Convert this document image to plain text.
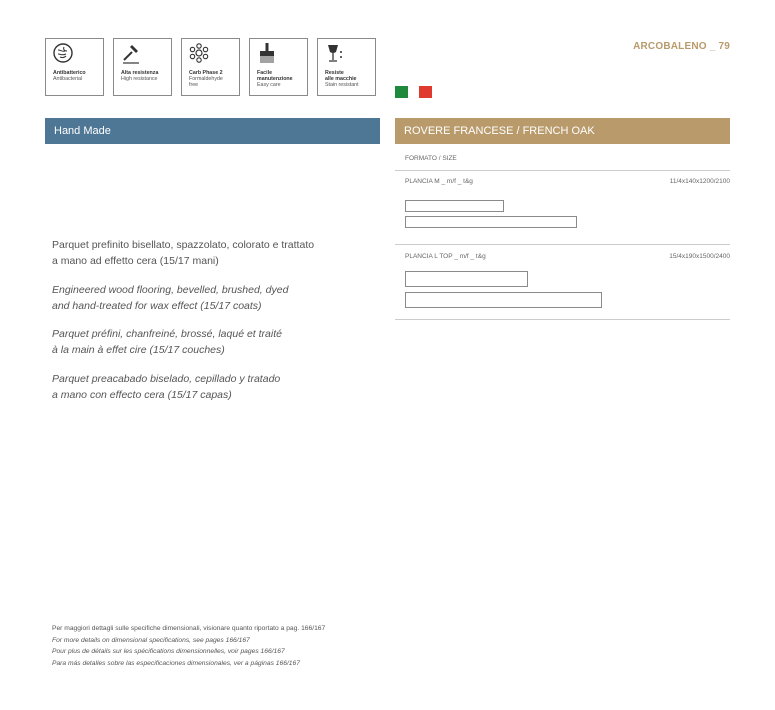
Antibatterico
Antibacterial
Alta resistenza
High resistance
Carb Phase 2
Formaldehyde
free
Facile
manutenzione
Easy care
Resiste
alle macchie
Stain resistant
ARCOBALENO _ 79
Hand Made	ROVERE FRANCESE / FRENCH OAK
Parquet prefinito bisellato, spazzolato, colorato e trattato
a mano ad effetto cera (15/17 mani)
Engineered wood flooring, bevelled, brushed, dyed
and hand-treated for wax effect (15/17 coats)
Parquet préfini, chanfreiné, brossé, laqué et traité
à la main à effet cire (15/17 couches)
Parquet preacabado biselado, cepillado y tratado
a mano con effecto cera (15/17 capas)
FORMATO / SIZE
PLANCIA M _ m/f _ t&g	11/4x140x1200/2100
PLANCIA L TOP _ m/f _ t&g	15/4x190x1500/2400
Per maggiori dettagli sulle specifiche dimensionali, visionare quanto riportato a pag. 166/167
For more details on dimensional specifications, see pages 166/167
Pour plus de détails sur les spécifications dimensionnelles, voir pages 166/167
Para más detalles sobre las especificaciones dimensionales, ver a páginas 166/167
